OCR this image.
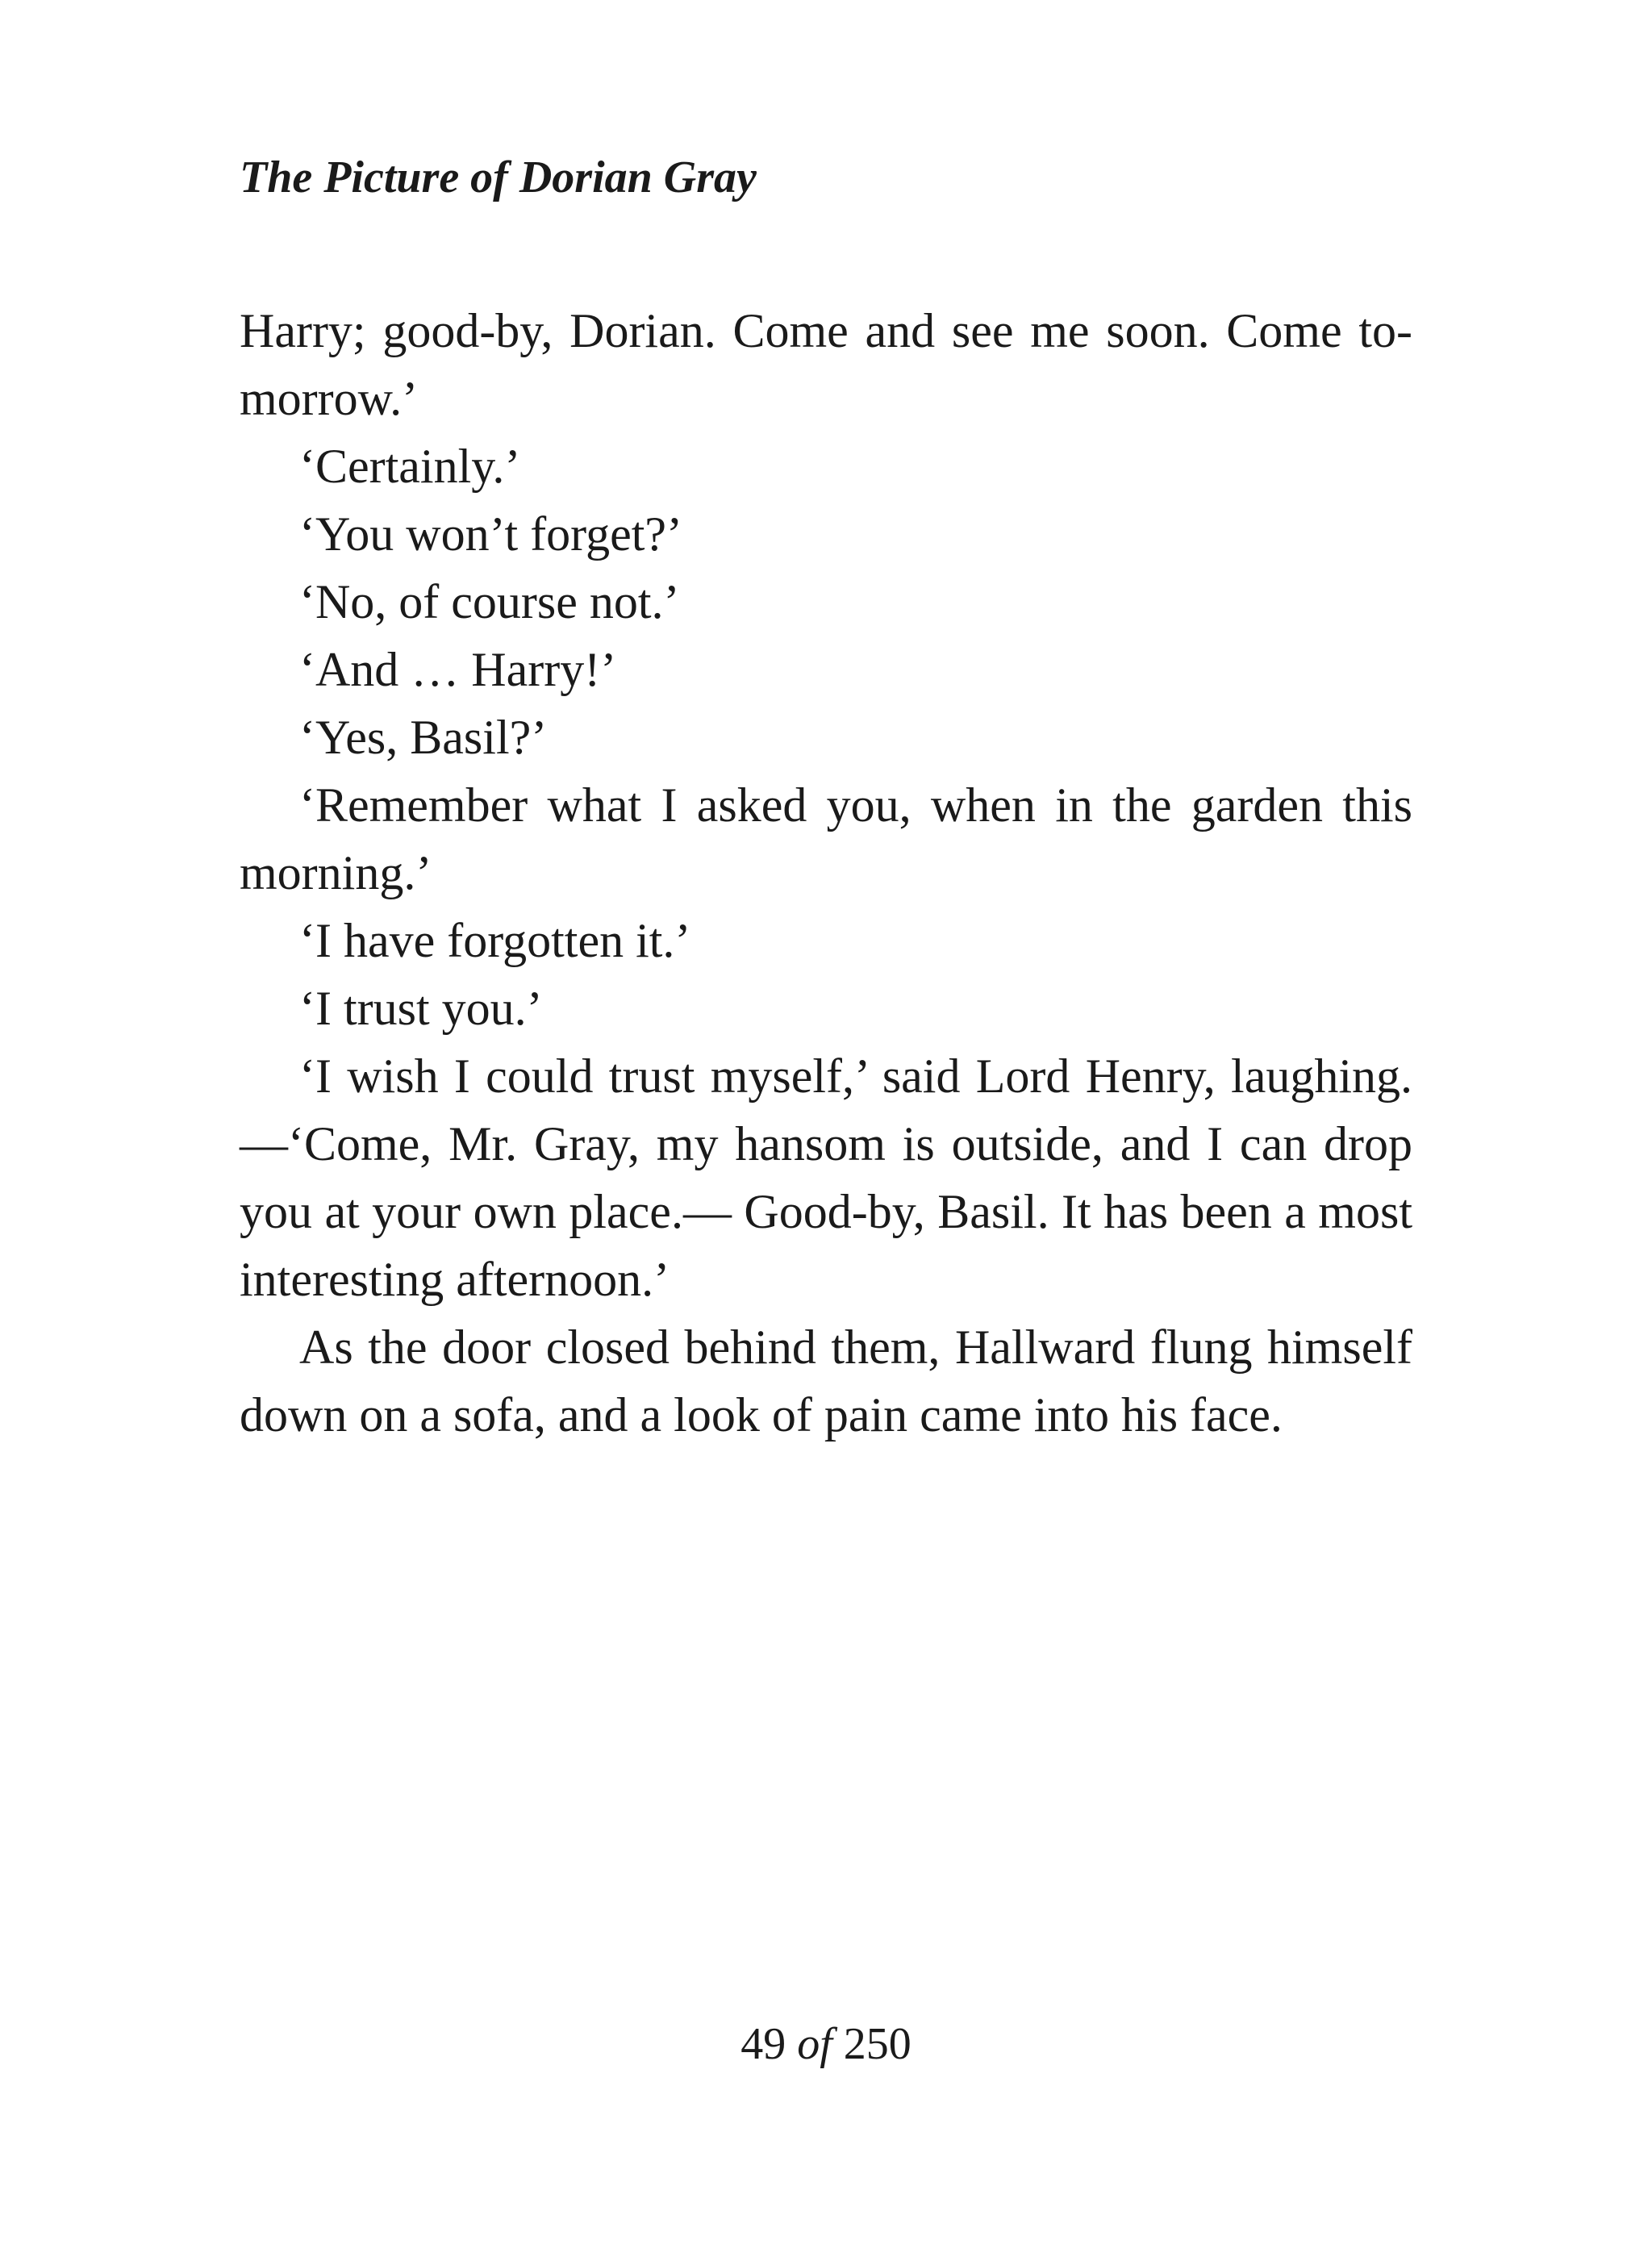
The Picture of Dorian Gray

Harry; good-by, Dorian. Come and see me soon. Come to-morrow.’

‘Certainly.’

‘You won’t forget?’

‘No, of course not.’

‘And … Harry!’

‘Yes, Basil?’

‘Remember what I asked you, when in the garden this morning.’

‘I have forgotten it.’

‘I trust you.’

‘I wish I could trust myself,’ said Lord Henry, laughing.—‘Come, Mr. Gray, my hansom is outside, and I can drop you at your own place.— Good-by, Basil. It has been a most interesting afternoon.’

As the door closed behind them, Hallward flung himself down on a sofa, and a look of pain came into his face.

49 of 250
